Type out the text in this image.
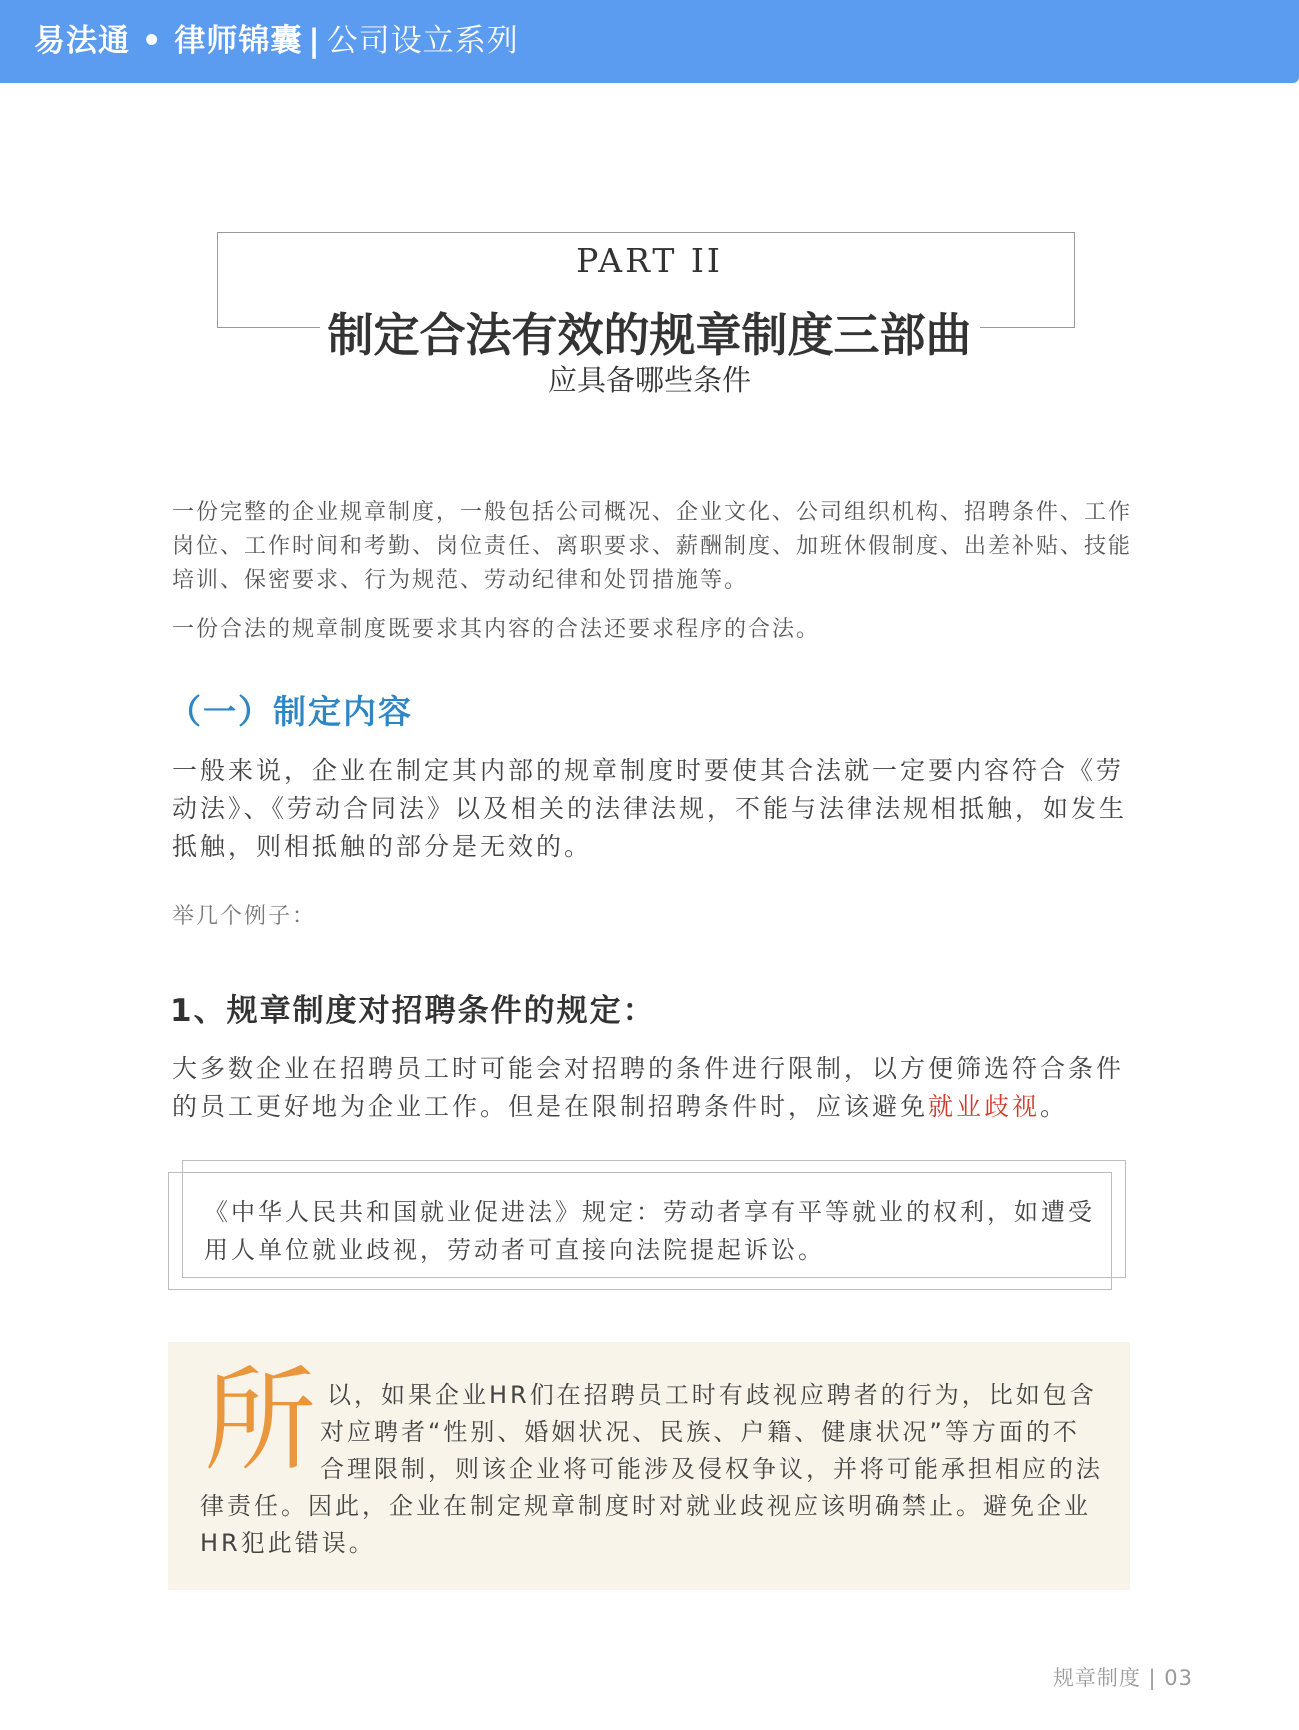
易法通 • 律师锦囊 | 公司设立系列
PART II
制定合法有效的规章制度三部曲
应具备哪些条件
一份完整的企业规章制度，一般包括公司概况、企业文化、公司组织机构、招聘条件、工作岗位、工作时间和考勤、岗位责任、离职要求、薪酬制度、加班休假制度、出差补贴、技能培训、保密要求、行为规范、劳动纪律和处罚措施等。
一份合法的规章制度既要求其内容的合法还要求程序的合法。
（一）制定内容
一般来说，企业在制定其内部的规章制度时要使其合法就一定要内容符合《劳动法》、《劳动合同法》以及相关的法律法规，不能与法律法规相抵触，如发生抵触，则相抵触的部分是无效的。
举几个例子：
1、规章制度对招聘条件的规定：
大多数企业在招聘员工时可能会对招聘的条件进行限制，以方便筛选符合条件的员工更好地为企业工作。但是在限制招聘条件时，应该避免就业歧视。
《中华人民共和国就业促进法》规定：劳动者享有平等就业的权利，如遭受用人单位就业歧视，劳动者可直接向法院提起诉讼。
所 以，如果企业HR们在招聘员工时有歧视应聘者的行为，比如包含
对应聘者“性别、婚姻状况、民族、户籍、健康状况”等方面的不
合理限制，则该企业将可能涉及侵权争议，并将可能承担相应的法
律责任。因此，企业在制定规章制度时对就业歧视应该明确禁止。避免企业
HR犯此错误。
规章制度 | 03
